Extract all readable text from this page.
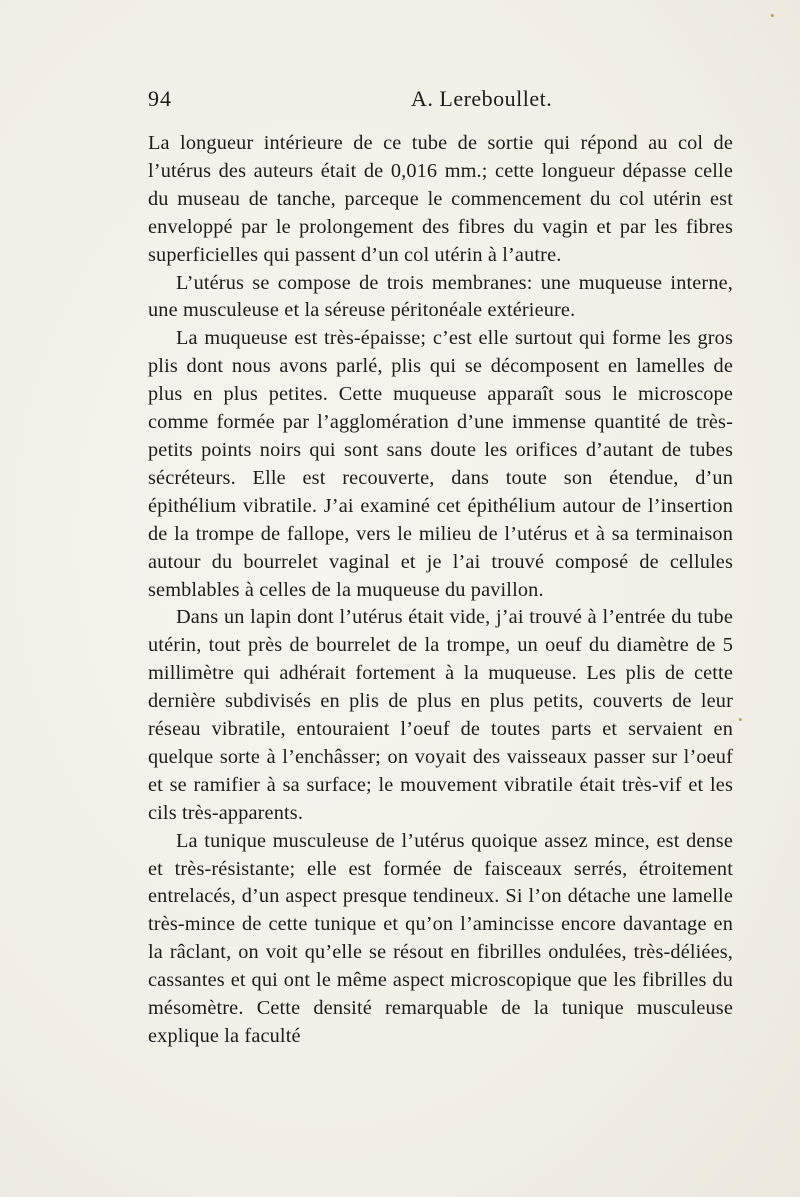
94	A. Lereboullet.

La longueur intérieure de ce tube de sortie qui répond au col de l’utérus des auteurs était de 0,016 mm.; cette longueur dépasse celle du museau de tanche, parceque le commencement du col utérin est enveloppé par le prolongement des fibres du vagin et par les fibres superficielles qui passent d’un col utérin à l’autre.

L’utérus se compose de trois membranes: une muqueuse interne, une musculeuse et la séreuse péritonéale extérieure.

La muqueuse est très-épaisse; c’est elle surtout qui forme les gros plis dont nous avons parlé, plis qui se décomposent en lamelles de plus en plus petites. Cette muqueuse apparaît sous le microscope comme formée par l’agglomération d’une immense quantité de très-petits points noirs qui sont sans doute les orifices d’autant de tubes sécréteurs. Elle est recouverte, dans toute son étendue, d’un épithélium vibratile. J’ai examiné cet épithélium autour de l’insertion de la trompe de fallope, vers le milieu de l’utérus et à sa terminaison autour du bourrelet vaginal et je l’ai trouvé composé de cellules semblables à celles de la muqueuse du pavillon.

Dans un lapin dont l’utérus était vide, j’ai trouvé à l’entrée du tube utérin, tout près de bourrelet de la trompe, un oeuf du diamètre de 5 millimètre qui adhérait fortement à la muqueuse. Les plis de cette dernière subdivisés en plis de plus en plus petits, couverts de leur réseau vibratile, entouraient l’oeuf de toutes parts et servaient en quelque sorte à l’enchâsser; on voyait des vaisseaux passer sur l’oeuf et se ramifier à sa surface; le mouvement vibratile était très-vif et les cils très-apparents.

La tunique musculeuse de l’utérus quoique assez mince, est dense et très-résistante; elle est formée de faisceaux serrés, étroitement entrelacés, d’un aspect presque tendineux. Si l’on détache une lamelle très-mince de cette tunique et qu’on l’amincisse encore davantage en la râclant, on voit qu’elle se résout en fibrilles ondulées, très-déliées, cassantes et qui ont le même aspect microscopique que les fibrilles du mésomètre. Cette densité remarquable de la tunique musculeuse explique la faculté

•
•
